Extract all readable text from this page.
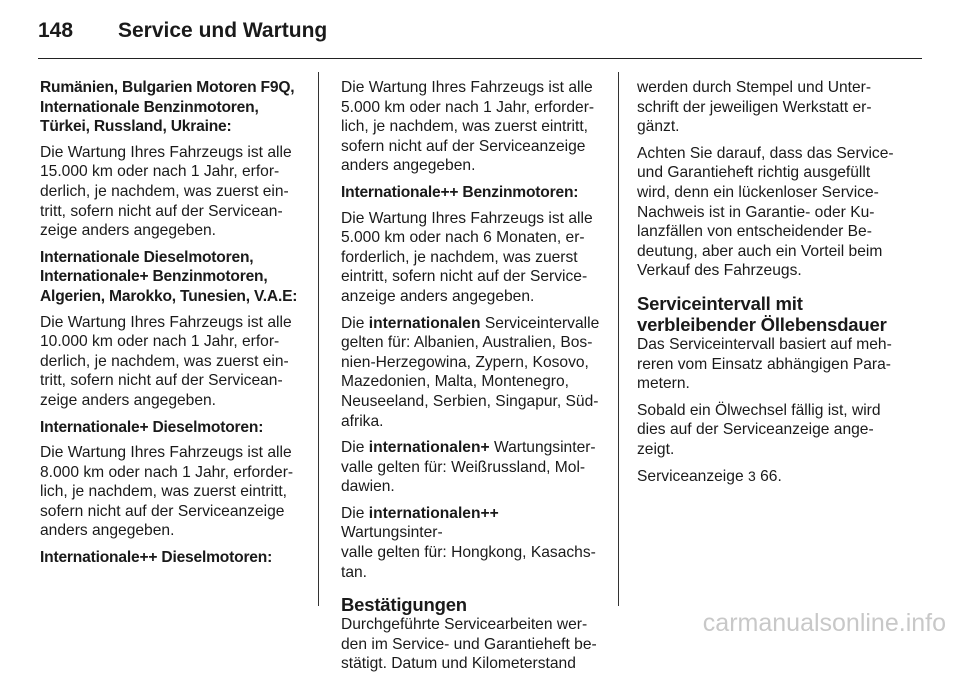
148 Service und Wartung
Rumänien, Bulgarien Motoren F9Q,
Internationale Benzinmotoren,
Türkei, Russland, Ukraine:

Die Wartung Ihres Fahrzeugs ist alle
15.000 km oder nach 1 Jahr, erfor-
derlich, je nachdem, was zuerst ein-
tritt, sofern nicht auf der Servicean-
zeige anders angegeben.

Internationale Dieselmotoren,
Internationale+ Benzinmotoren,
Algerien, Marokko, Tunesien, V.A.E:

Die Wartung Ihres Fahrzeugs ist alle
10.000 km oder nach 1 Jahr, erfor-
derlich, je nachdem, was zuerst ein-
tritt, sofern nicht auf der Servicean-
zeige anders angegeben.

Internationale+ Dieselmotoren:

Die Wartung Ihres Fahrzeugs ist alle
8.000 km oder nach 1 Jahr, erforder-
lich, je nachdem, was zuerst eintritt,
sofern nicht auf der Serviceanzeige
anders angegeben.

Internationale++ Dieselmotoren:

Die Wartung Ihres Fahrzeugs ist alle
5.000 km oder nach 1 Jahr, erforder-
lich, je nachdem, was zuerst eintritt,
sofern nicht auf der Serviceanzeige
anders angegeben.

Internationale++ Benzinmotoren:

Die Wartung Ihres Fahrzeugs ist alle
5.000 km oder nach 6 Monaten, er-
forderlich, je nachdem, was zuerst
eintritt, sofern nicht auf der Service-
anzeige anders angegeben.

Die internationalen Serviceintervalle
gelten für: Albanien, Australien, Bos-
nien-Herzegowina, Zypern, Kosovo,
Mazedonien, Malta, Montenegro,
Neuseeland, Serbien, Singapur, Süd-
afrika.

Die internationalen+ Wartungsinter-
valle gelten für: Weißrussland, Mol-
dawien.

Die internationalen++ Wartungsinter-
valle gelten für: Hongkong, Kasachs-
tan.

Bestätigungen

Durchgeführte Servicearbeiten wer-
den im Service- und Garantieheft be-
stätigt. Datum und Kilometerstand

werden durch Stempel und Unter-
schrift der jeweiligen Werkstatt er-
gänzt.

Achten Sie darauf, dass das Service-
und Garantieheft richtig ausgefüllt
wird, denn ein lückenloser Service-
Nachweis ist in Garantie- oder Ku-
lanzfällen von entscheidender Be-
deutung, aber auch ein Vorteil beim
Verkauf des Fahrzeugs.

Serviceintervall mit
verbleibender Öllebensdauer

Das Serviceintervall basiert auf meh-
reren vom Einsatz abhängigen Para-
metern.

Sobald ein Ölwechsel fällig ist, wird
dies auf der Serviceanzeige ange-
zeigt.

Serviceanzeige 3 66.

carmanualsonline.info
